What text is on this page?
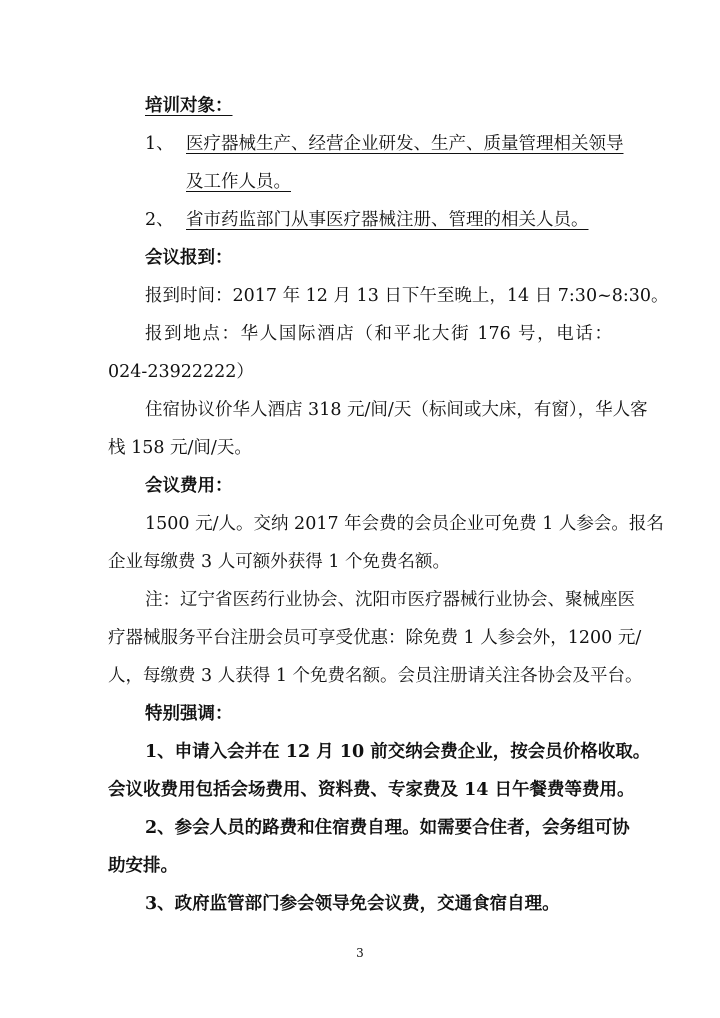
培训对象：
1、 医疗器械生产、经营企业研发、生产、质量管理相关领导
及工作人员。
2、 省市药监部门从事医疗器械注册、管理的相关人员。
会议报到：
报到时间：2017 年 12 月 13 日下午至晚上，14 日 7:30~8:30。
报到地点：华人国际酒店（和平北大街 176 号，电话：
024-23922222）
住宿协议价华人酒店 318 元/间/天（标间或大床，有窗），华人客
栈 158 元/间/天。
会议费用：
1500 元/人。交纳 2017 年会费的会员企业可免费 1 人参会。报名
企业每缴费 3 人可额外获得 1 个免费名额。
注：辽宁省医药行业协会、沈阳市医疗器械行业协会、聚械座医
疗器械服务平台注册会员可享受优惠：除免费 1 人参会外，1200 元/
人，每缴费 3 人获得 1 个免费名额。会员注册请关注各协会及平台。
特别强调：
1、申请入会并在 12 月 10 前交纳会费企业，按会员价格收取。
会议收费用包括会场费用、资料费、专家费及 14 日午餐费等费用。
2、参会人员的路费和住宿费自理。如需要合住者，会务组可协
助安排。
3、政府监管部门参会领导免会议费，交通食宿自理。
3
